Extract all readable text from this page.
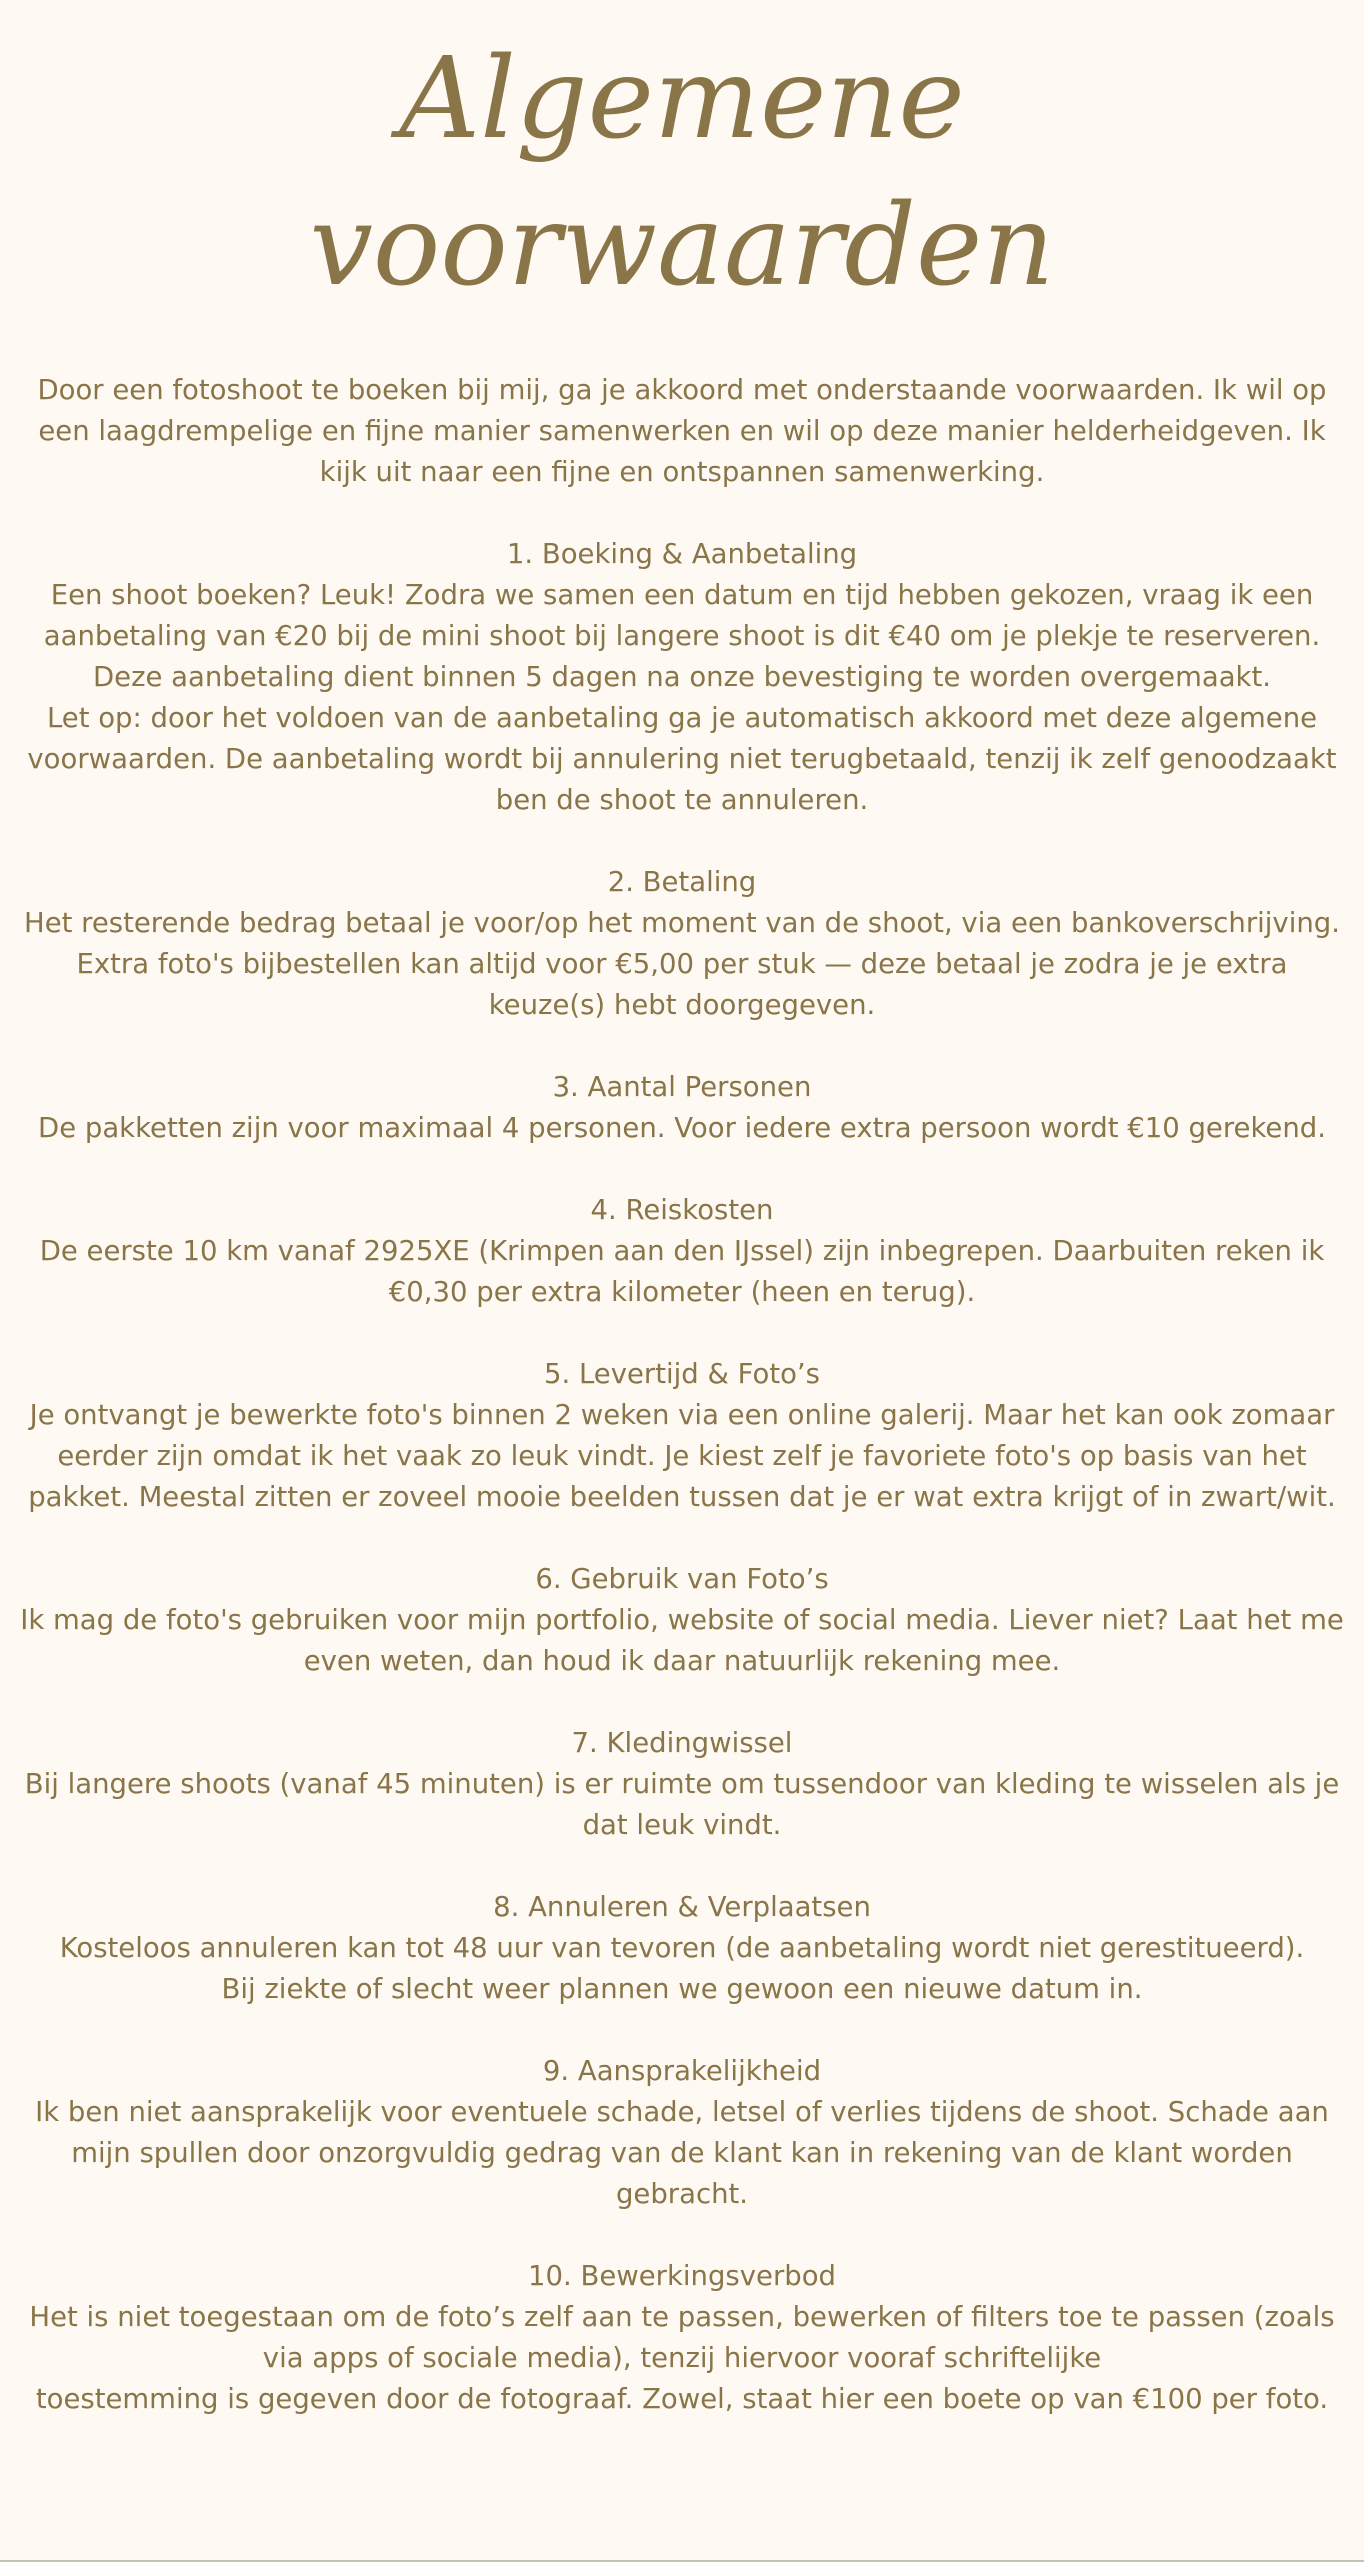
Algemene
voorwaarden

Door een fotoshoot te boeken bij mij, ga je akkoord met onderstaande voorwaarden. Ik wil op een laagdrempelige en fijne manier samenwerken en wil op deze manier helderheidgeven. Ik kijk uit naar een fijne en ontspannen samenwerking.

1. Boeking & Aanbetaling

Een shoot boeken? Leuk! Zodra we samen een datum en tijd hebben gekozen, vraag ik een aanbetaling van €20 bij de mini shoot bij langere shoot is dit €40 om je plekje te reserveren. Deze aanbetaling dient binnen 5 dagen na onze bevestiging te worden overgemaakt.

Let op: door het voldoen van de aanbetaling ga je automatisch akkoord met deze algemene voorwaarden. De aanbetaling wordt bij annulering niet terugbetaald, tenzij ik zelf genoodzaakt ben de shoot te annuleren.

2. Betaling

Het resterende bedrag betaal je voor/op het moment van de shoot, via een bankoverschrijving. Extra foto's bijbestellen kan altijd voor €5,00 per stuk — deze betaal je zodra je je extra keuze(s) hebt doorgegeven.

3. Aantal Personen

De pakketten zijn voor maximaal 4 personen. Voor iedere extra persoon wordt €10 gerekend.

4. Reiskosten

De eerste 10 km vanaf 2925XE (Krimpen aan den IJssel) zijn inbegrepen. Daarbuiten reken ik €0,30 per extra kilometer (heen en terug).

5. Levertijd & Foto’s

Je ontvangt je bewerkte foto's binnen 2 weken via een online galerij. Maar het kan ook zomaar eerder zijn omdat ik het vaak zo leuk vindt. Je kiest zelf je favoriete foto's op basis van het pakket. Meestal zitten er zoveel mooie beelden tussen dat je er wat extra krijgt of in zwart/wit.

6. Gebruik van Foto’s

Ik mag de foto's gebruiken voor mijn portfolio, website of social media. Liever niet? Laat het me even weten, dan houd ik daar natuurlijk rekening mee.

7. Kledingwissel

Bij langere shoots (vanaf 45 minuten) is er ruimte om tussendoor van kleding te wisselen als je dat leuk vindt.

8. Annuleren & Verplaatsen

Kosteloos annuleren kan tot 48 uur van tevoren (de aanbetaling wordt niet gerestitueerd).

Bij ziekte of slecht weer plannen we gewoon een nieuwe datum in.

9. Aansprakelijkheid

Ik ben niet aansprakelijk voor eventuele schade, letsel of verlies tijdens de shoot. Schade aan mijn spullen door onzorgvuldig gedrag van de klant kan in rekening van de klant worden gebracht.

10. Bewerkingsverbod

Het is niet toegestaan om de foto’s zelf aan te passen, bewerken of filters toe te passen (zoals via apps of sociale media), tenzij hiervoor vooraf schriftelijke

toestemming is gegeven door de fotograaf. Zowel, staat hier een boete op van €100 per foto.
